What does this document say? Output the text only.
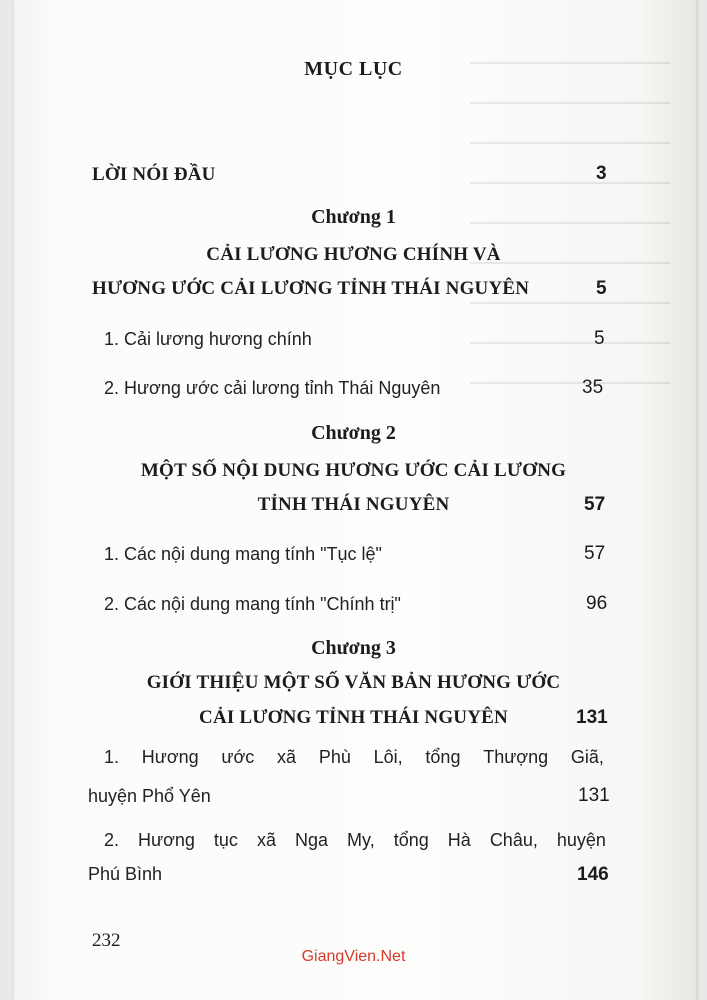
MỤC LỤC

LỜI NÓI ĐẦU	3

Chương 1

CẢI LƯƠNG HƯƠNG CHÍNH VÀ

HƯƠNG ƯỚC CẢI LƯƠNG TỈNH THÁI NGUYÊN	5

1. Cải lương hương chính	5

2. Hương ước cải lương tỉnh Thái Nguyên	35

Chương 2

MỘT SỐ NỘI DUNG HƯƠNG ƯỚC CẢI LƯƠNG

TỈNH THÁI NGUYÊN	57

1. Các nội dung mang tính "Tục lệ"	57

2. Các nội dung mang tính "Chính trị"	96

Chương 3

GIỚI THIỆU MỘT SỐ VĂN BẢN HƯƠNG ƯỚC

CẢI LƯƠNG TỈNH THÁI NGUYÊN	131

1. Hương ước xã Phù Lôi, tổng Thượng Giã,

huyện Phổ Yên	131

2. Hương tục xã Nga My, tổng Hà Châu, huyện

Phú Bình	146

232

GiangVien.Net
